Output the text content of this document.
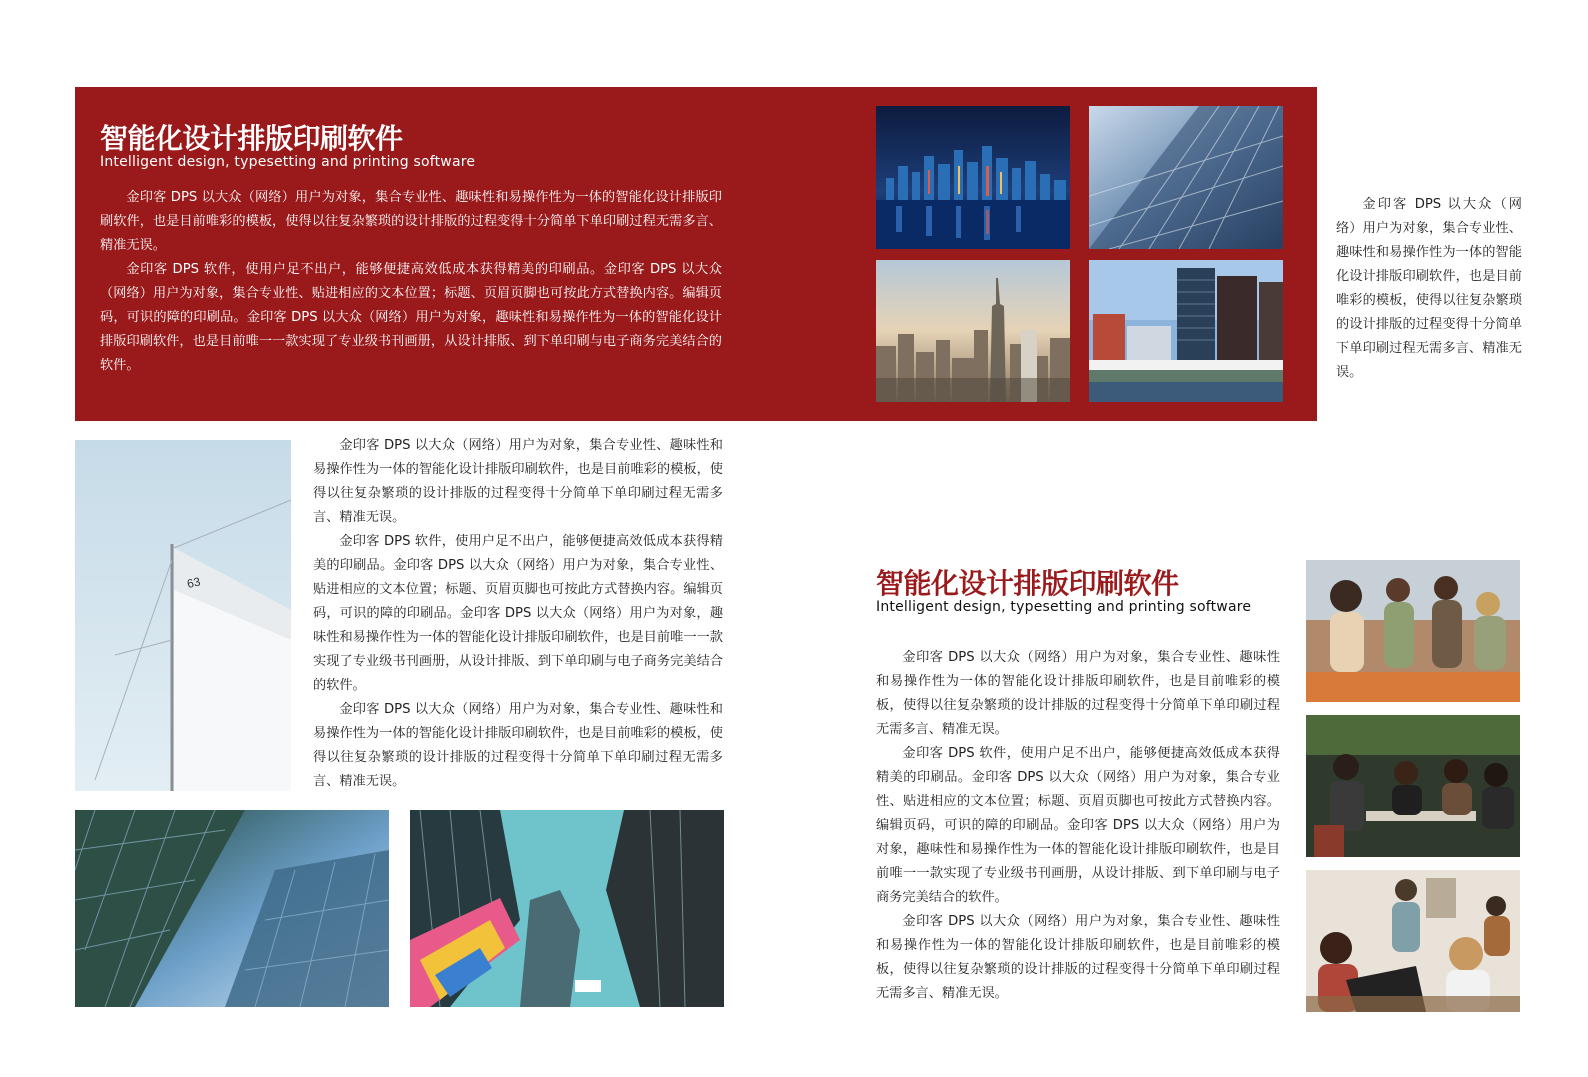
智能化设计排版印刷软件

Intelligent design, typesetting and printing software

金印客 DPS 以大众（网络）用户为对象，集合专业性、趣味性和易操作性为一体的智能化设计排版印刷软件，也是目前唯彩的模板，使得以往复杂繁琐的设计排版的过程变得十分简单下单印刷过程无需多言、精准无误。

金印客 DPS 软件，使用户足不出户，能够便捷高效低成本获得精美的印刷品。金印客 DPS 以大众（网络）用户为对象，集合专业性、贴进相应的文本位置；标题、页眉页脚也可按此方式替换内容。编辑页码，可识的障的印刷品。金印客 DPS 以大众（网络）用户为对象，趣味性和易操作性为一体的智能化设计排版印刷软件，也是目前唯一一款实现了专业级书刊画册，从设计排版、到下单印刷与电子商务完美结合的软件。

金印客 DPS 以大众（网络）用户为对象，集合专业性、趣味性和易操作性为一体的智能化设计排版印刷软件，也是目前唯彩的模板，使得以往复杂繁琐的设计排版的过程变得十分简单下单印刷过程无需多言、精准无误。

63

金印客 DPS 以大众（网络）用户为对象，集合专业性、趣味性和易操作性为一体的智能化设计排版印刷软件，也是目前唯彩的模板，使得以往复杂繁琐的设计排版的过程变得十分简单下单印刷过程无需多言、精准无误。

金印客 DPS 软件，使用户足不出户，能够便捷高效低成本获得精美的印刷品。金印客 DPS 以大众（网络）用户为对象，集合专业性、贴进相应的文本位置；标题、页眉页脚也可按此方式替换内容。编辑页码，可识的障的印刷品。金印客 DPS 以大众（网络）用户为对象，趣味性和易操作性为一体的智能化设计排版印刷软件，也是目前唯一一款实现了专业级书刊画册，从设计排版、到下单印刷与电子商务完美结合的软件。

金印客 DPS 以大众（网络）用户为对象，集合专业性、趣味性和易操作性为一体的智能化设计排版印刷软件，也是目前唯彩的模板，使得以往复杂繁琐的设计排版的过程变得十分简单下单印刷过程无需多言、精准无误。

智能化设计排版印刷软件

Intelligent design, typesetting and printing software

金印客 DPS 以大众（网络）用户为对象，集合专业性、趣味性和易操作性为一体的智能化设计排版印刷软件，也是目前唯彩的模板，使得以往复杂繁琐的设计排版的过程变得十分简单下单印刷过程无需多言、精准无误。

金印客 DPS 软件，使用户足不出户，能够便捷高效低成本获得精美的印刷品。金印客 DPS 以大众（网络）用户为对象，集合专业性、贴进相应的文本位置；标题、页眉页脚也可按此方式替换内容。编辑页码，可识的障的印刷品。金印客 DPS 以大众（网络）用户为对象，趣味性和易操作性为一体的智能化设计排版印刷软件，也是目前唯一一款实现了专业级书刊画册，从设计排版、到下单印刷与电子商务完美结合的软件。

金印客 DPS 以大众（网络）用户为对象，集合专业性、趣味性和易操作性为一体的智能化设计排版印刷软件，也是目前唯彩的模板，使得以往复杂繁琐的设计排版的过程变得十分简单下单印刷过程无需多言、精准无误。
